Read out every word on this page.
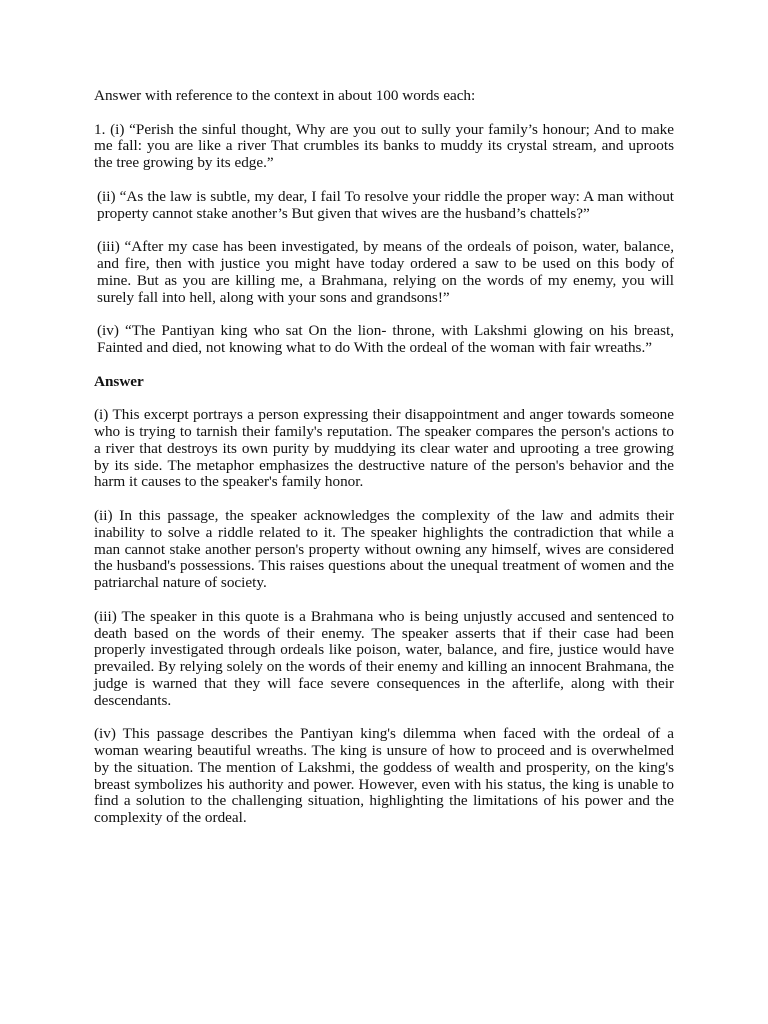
Answer with reference to the context in about 100 words each:

1. (i) “Perish the sinful thought, Why are you out to sully your family’s honour; And to make me fall: you are like a river That crumbles its banks to muddy its crystal stream, and uproots the tree growing by its edge.”

(ii) “As the law is subtle, my dear, I fail To resolve your riddle the proper way: A man without property cannot stake another’s But given that wives are the husband’s chattels?”

(iii) “After my case has been investigated, by means of the ordeals of poison, water, balance, and fire, then with justice you might have today ordered a saw to be used on this body of mine. But as you are killing me, a Brahmana, relying on the words of my enemy, you will surely fall into hell, along with your sons and grandsons!”

(iv) “The Pantiyan king who sat On the lion- throne, with Lakshmi glowing on his breast, Fainted and died, not knowing what to do With the ordeal of the woman with fair wreaths.”

Answer

(i) This excerpt portrays a person expressing their disappointment and anger towards someone who is trying to tarnish their family's reputation. The speaker compares the person's actions to a river that destroys its own purity by muddying its clear water and uprooting a tree growing by its side. The metaphor emphasizes the destructive nature of the person's behavior and the harm it causes to the speaker's family honor.

(ii) In this passage, the speaker acknowledges the complexity of the law and admits their inability to solve a riddle related to it. The speaker highlights the contradiction that while a man cannot stake another person's property without owning any himself, wives are considered the husband's possessions. This raises questions about the unequal treatment of women and the patriarchal nature of society.

(iii) The speaker in this quote is a Brahmana who is being unjustly accused and sentenced to death based on the words of their enemy. The speaker asserts that if their case had been properly investigated through ordeals like poison, water, balance, and fire, justice would have prevailed. By relying solely on the words of their enemy and killing an innocent Brahmana, the judge is warned that they will face severe consequences in the afterlife, along with their descendants.

(iv) This passage describes the Pantiyan king's dilemma when faced with the ordeal of a woman wearing beautiful wreaths. The king is unsure of how to proceed and is overwhelmed by the situation. The mention of Lakshmi, the goddess of wealth and prosperity, on the king's breast symbolizes his authority and power. However, even with his status, the king is unable to find a solution to the challenging situation, highlighting the limitations of his power and the complexity of the ordeal.
